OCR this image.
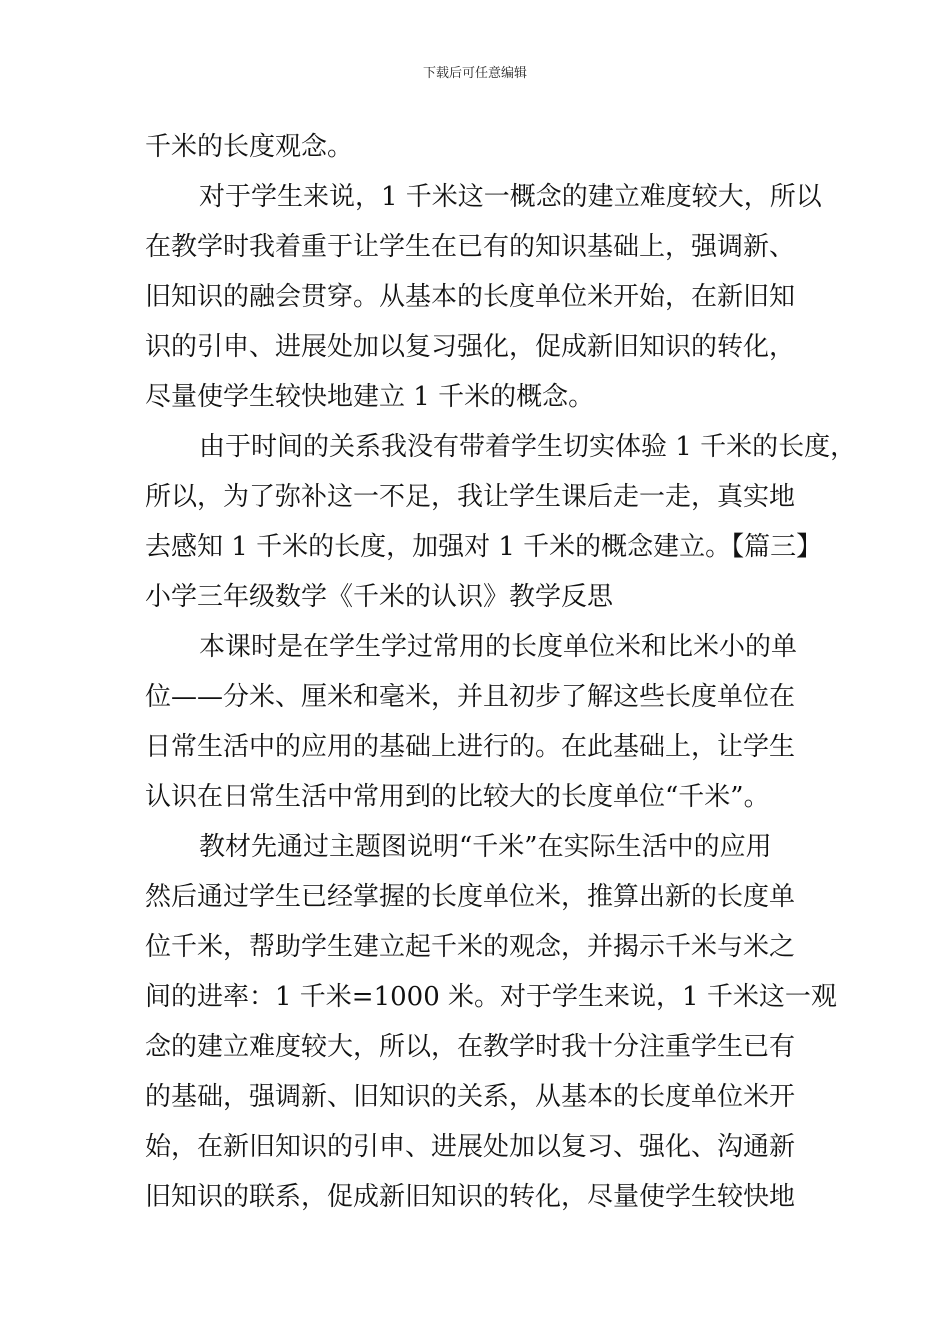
下载后可任意编辑
千米的长度观念。
对于学生来说，1 千米这一概念的建立难度较大，所以
在教学时我着重于让学生在已有的知识基础上，强调新、
旧知识的融会贯穿。从基本的长度单位米开始，在新旧知
识的引申、进展处加以复习强化，促成新旧知识的转化，
尽量使学生较快地建立 1 千米的概念。
由于时间的关系我没有带着学生切实体验 1 千米的长度，
所以，为了弥补这一不足，我让学生课后走一走，真实地
去感知 1 千米的长度，加强对 1 千米的概念建立。【篇三】
小学三年级数学《千米的认识》教学反思
本课时是在学生学过常用的长度单位米和比米小的单
位——分米、厘米和毫米，并且初步了解这些长度单位在
日常生活中的应用的基础上进行的。在此基础上，让学生
认识在日常生活中常用到的比较大的长度单位“千米”。
教材先通过主题图说明“千米”在实际生活中的应用
然后通过学生已经掌握的长度单位米，推算出新的长度单
位千米，帮助学生建立起千米的观念，并揭示千米与米之
间的进率：1 千米=1000 米。对于学生来说，1 千米这一观
念的建立难度较大，所以，在教学时我十分注重学生已有
的基础，强调新、旧知识的关系，从基本的长度单位米开
始，在新旧知识的引申、进展处加以复习、强化、沟通新
旧知识的联系，促成新旧知识的转化，尽量使学生较快地
